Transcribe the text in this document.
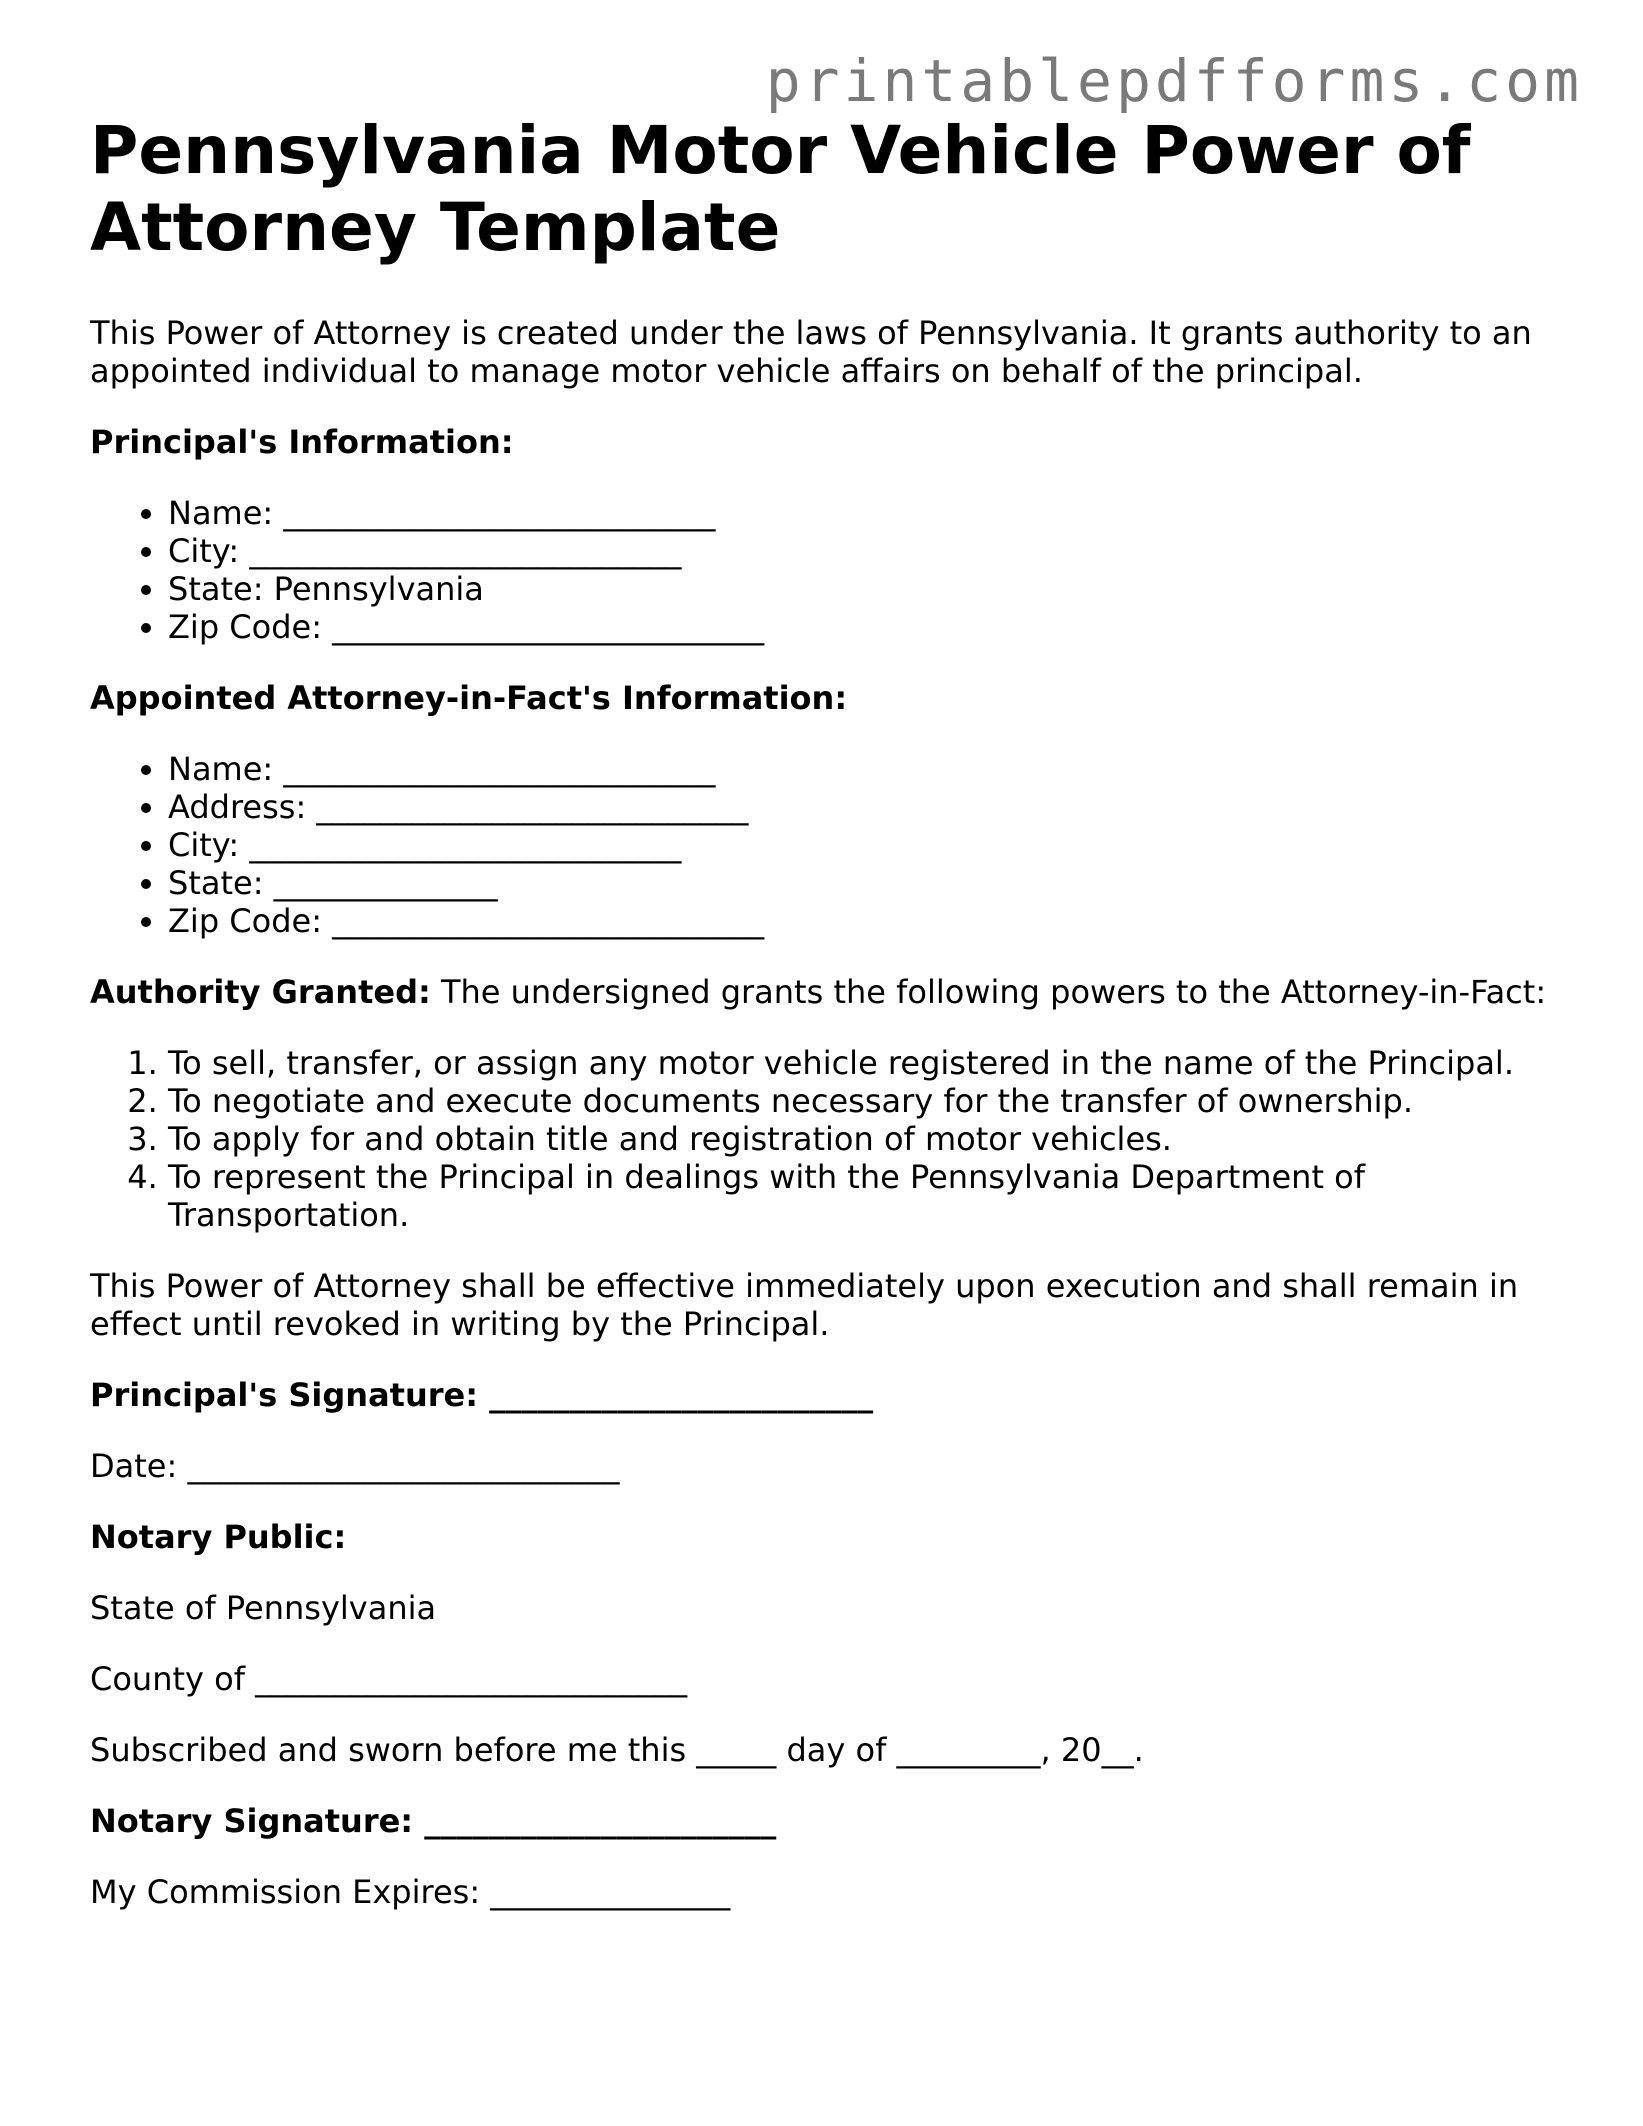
printablepdfforms.com
Pennsylvania Motor Vehicle Power of Attorney Template

This Power of Attorney is created under the laws of Pennsylvania. It grants authority to an appointed individual to manage motor vehicle affairs on behalf of the principal.

Principal's Information:

• Name: ___________________________
• City: ___________________________
• State: Pennsylvania
• Zip Code: ___________________________

Appointed Attorney-in-Fact's Information:

• Name: ___________________________
• Address: ___________________________
• City: ___________________________
• State: ______________
• Zip Code: ___________________________

Authority Granted: The undersigned grants the following powers to the Attorney-in-Fact:

1. To sell, transfer, or assign any motor vehicle registered in the name of the Principal.
2. To negotiate and execute documents necessary for the transfer of ownership.
3. To apply for and obtain title and registration of motor vehicles.
4. To represent the Principal in dealings with the Pennsylvania Department of Transportation.

This Power of Attorney shall be effective immediately upon execution and shall remain in effect until revoked in writing by the Principal.

Principal's Signature: ________________________

Date: ___________________________

Notary Public:

State of Pennsylvania

County of ___________________________

Subscribed and sworn before me this _____ day of _________, 20__.

Notary Signature: ______________________

My Commission Expires: _______________
